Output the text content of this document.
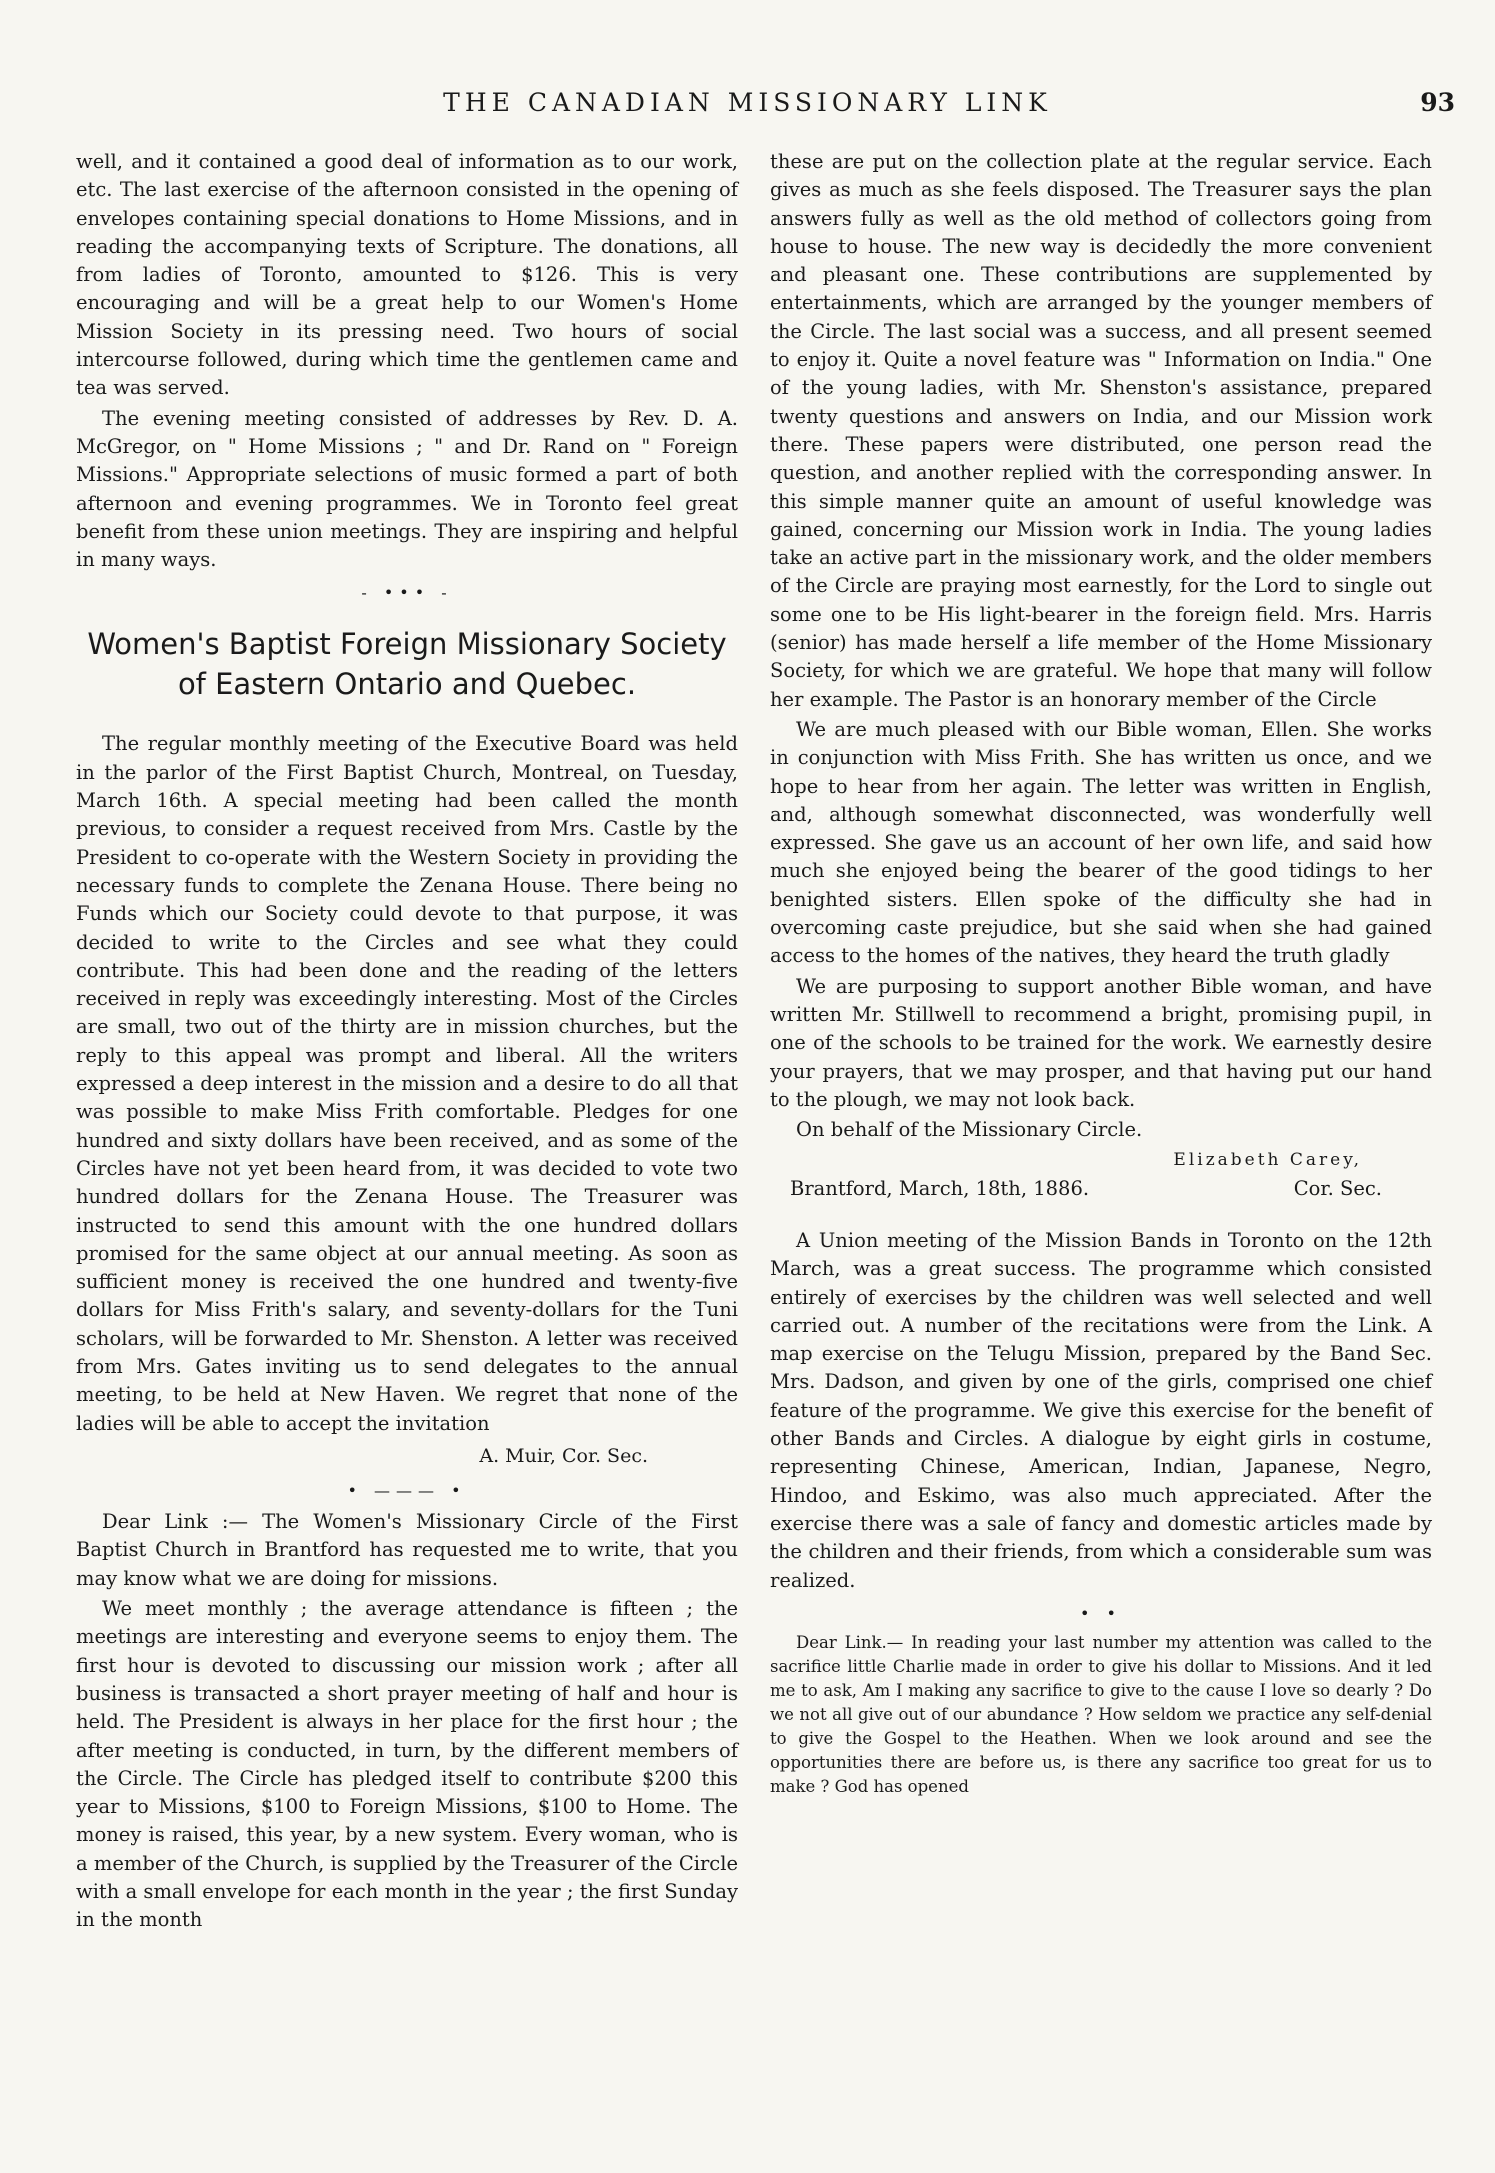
THE CANADIAN MISSIONARY LINK	93

well, and it contained a good deal of information as to our work, etc. The last exercise of the afternoon consisted in the opening of envelopes containing special donations to Home Missions, and in reading the accompanying texts of Scripture. The donations, all from ladies of Toronto, amounted to $126. This is very encouraging and will be a great help to our Women's Home Mission Society in its pressing need. Two hours of social intercourse followed, during which time the gentlemen came and tea was served.

The evening meeting consisted of addresses by Rev. D. A. McGregor, on " Home Missions ; " and Dr. Rand on " Foreign Missions." Appropriate selections of music formed a part of both afternoon and evening programmes. We in Toronto feel great benefit from these union meetings. They are inspiring and helpful in many ways.

- ••• -
Women's Baptist Foreign Missionary Society of Eastern Ontario and Quebec.

The regular monthly meeting of the Executive Board was held in the parlor of the First Baptist Church, Montreal, on Tuesday, March 16th. A special meeting had been called the month previous, to consider a request received from Mrs. Castle by the President to co-operate with the Western Society in providing the necessary funds to complete the Zenana House. There being no Funds which our Society could devote to that purpose, it was decided to write to the Circles and see what they could contribute. This had been done and the reading of the letters received in reply was exceedingly interesting. Most of the Circles are small, two out of the thirty are in mission churches, but the reply to this appeal was prompt and liberal. All the writers expressed a deep interest in the mission and a desire to do all that was possible to make Miss Frith comfortable. Pledges for one hundred and sixty dollars have been received, and as some of the Circles have not yet been heard from, it was decided to vote two hundred dollars for the Zenana House. The Treasurer was instructed to send this amount with the one hundred dollars promised for the same object at our annual meeting. As soon as sufficient money is received the one hundred and twenty-five dollars for Miss Frith's salary, and seventy-dollars for the Tuni scholars, will be forwarded to Mr. Shenston. A letter was received from Mrs. Gates inviting us to send delegates to the annual meeting, to be held at New Haven. We regret that none of the ladies will be able to accept the invitation

A. Muir, Cor. Sec.
• ——— •

Dear Link :— The Women's Missionary Circle of the First Baptist Church in Brantford has requested me to write, that you may know what we are doing for missions.

We meet monthly ; the average attendance is fifteen ; the meetings are interesting and everyone seems to enjoy them. The first hour is devoted to discussing our mission work ; after all business is transacted a short prayer meeting of half and hour is held. The President is always in her place for the first hour ; the after meeting is conducted, in turn, by the different members of the Circle. The Circle has pledged itself to contribute $200 this year to Missions, $100 to Foreign Missions, $100 to Home. The money is raised, this year, by a new system. Every woman, who is a member of the Church, is supplied by the Treasurer of the Circle with a small envelope for each month in the year ; the first Sunday in the month

these are put on the collection plate at the regular service. Each gives as much as she feels disposed. The Treasurer says the plan answers fully as well as the old method of collectors going from house to house. The new way is decidedly the more convenient and pleasant one. These contributions are supplemented by entertainments, which are arranged by the younger members of the Circle. The last social was a success, and all present seemed to enjoy it. Quite a novel feature was " Information on India." One of the young ladies, with Mr. Shenston's assistance, prepared twenty questions and answers on India, and our Mission work there. These papers were distributed, one person read the question, and another replied with the corresponding answer. In this simple manner quite an amount of useful knowledge was gained, concerning our Mission work in India. The young ladies take an active part in the missionary work, and the older members of the Circle are praying most earnestly, for the Lord to single out some one to be His light-bearer in the foreign field. Mrs. Harris (senior) has made herself a life member of the Home Missionary Society, for which we are grateful. We hope that many will follow her example. The Pastor is an honorary member of the Circle

We are much pleased with our Bible woman, Ellen. She works in conjunction with Miss Frith. She has written us once, and we hope to hear from her again. The letter was written in English, and, although somewhat disconnected, was wonderfully well expressed. She gave us an account of her own life, and said how much she enjoyed being the bearer of the good tidings to her benighted sisters. Ellen spoke of the difficulty she had in overcoming caste prejudice, but she said when she had gained access to the homes of the natives, they heard the truth gladly

We are purposing to support another Bible woman, and have written Mr. Stillwell to recommend a bright, promising pupil, in one of the schools to be trained for the work. We earnestly desire your prayers, that we may prosper, and that having put our hand to the plough, we may not look back.

On behalf of the Missionary Circle.

Elizabeth Carey,
Brantford, March, 18th, 1886.	Cor. Sec.

A Union meeting of the Mission Bands in Toronto on the 12th March, was a great success. The programme which consisted entirely of exercises by the children was well selected and well carried out. A number of the recitations were from the Link. A map exercise on the Telugu Mission, prepared by the Band Sec. Mrs. Dadson, and given by one of the girls, comprised one chief feature of the programme. We give this exercise for the benefit of other Bands and Circles. A dialogue by eight girls in costume, representing Chinese, American, Indian, Japanese, Negro, Hindoo, and Eskimo, was also much appreciated. After the exercise there was a sale of fancy and domestic articles made by the children and their friends, from which a considerable sum was realized.

• •

Dear Link.— In reading your last number my attention was called to the sacrifice little Charlie made in order to give his dollar to Missions. And it led me to ask, Am I making any sacrifice to give to the cause I love so dearly ? Do we not all give out of our abundance ? How seldom we practice any self-denial to give the Gospel to the Heathen. When we look around and see the opportunities there are before us, is there any sacrifice too great for us to make ? God has opened
